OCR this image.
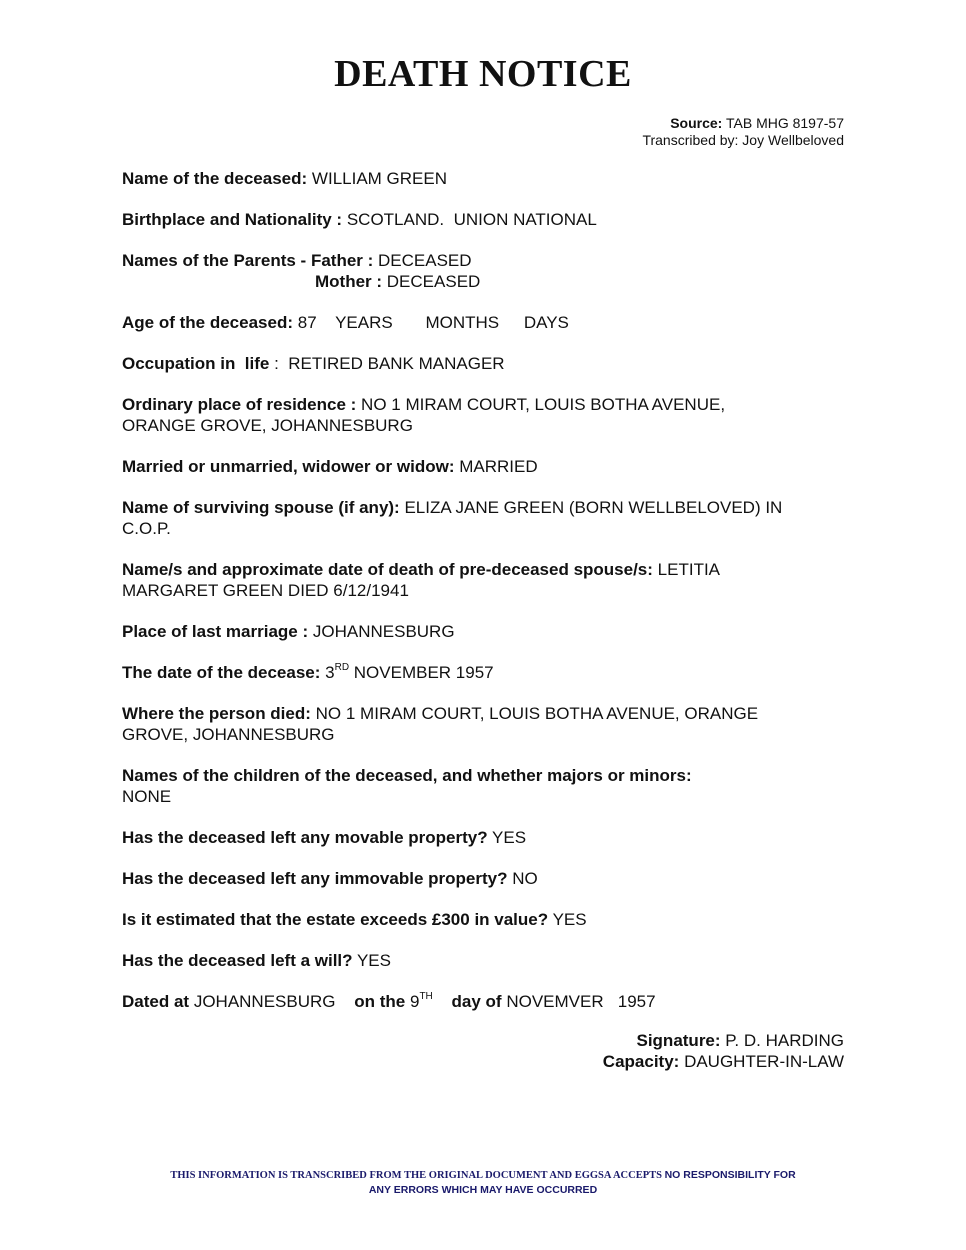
DEATH NOTICE
Source: TAB MHG 8197-57
Transcribed by: Joy Wellbeloved
Name of the deceased: WILLIAM GREEN
Birthplace and Nationality : SCOTLAND.  UNION NATIONAL
Names of the Parents - Father : DECEASED
Mother : DECEASED
Age of the deceased: 87 YEARS MONTHS DAYS
Occupation in  life :  RETIRED BANK MANAGER
Ordinary place of residence : NO 1 MIRAM COURT, LOUIS BOTHA AVENUE,
ORANGE GROVE, JOHANNESBURG
Married or unmarried, widower or widow: MARRIED
Name of surviving spouse (if any): ELIZA JANE GREEN (BORN WELLBELOVED) IN
C.O.P.
Name/s and approximate date of death of pre-deceased spouse/s: LETITIA
MARGARET GREEN DIED 6/12/1941
Place of last marriage : JOHANNESBURG
The date of the decease: 3RD NOVEMBER 1957
Where the person died: NO 1 MIRAM COURT, LOUIS BOTHA AVENUE, ORANGE
GROVE, JOHANNESBURG
Names of the children of the deceased, and whether majors or minors:
NONE
Has the deceased left any movable property? YES
Has the deceased left any immovable property? NO
Is it estimated that the estate exceeds £300 in value? YES
Has the deceased left a will? YES
Dated at JOHANNESBURG on the 9TH day of NOVEMVER   1957
Signature: P. D. HARDING
Capacity: DAUGHTER-IN-LAW
THIS INFORMATION IS TRANSCRIBED FROM THE ORIGINAL DOCUMENT AND EGGSA ACCEPTS NO RESPONSIBILITY FOR
ANY ERRORS WHICH MAY HAVE OCCURRED
